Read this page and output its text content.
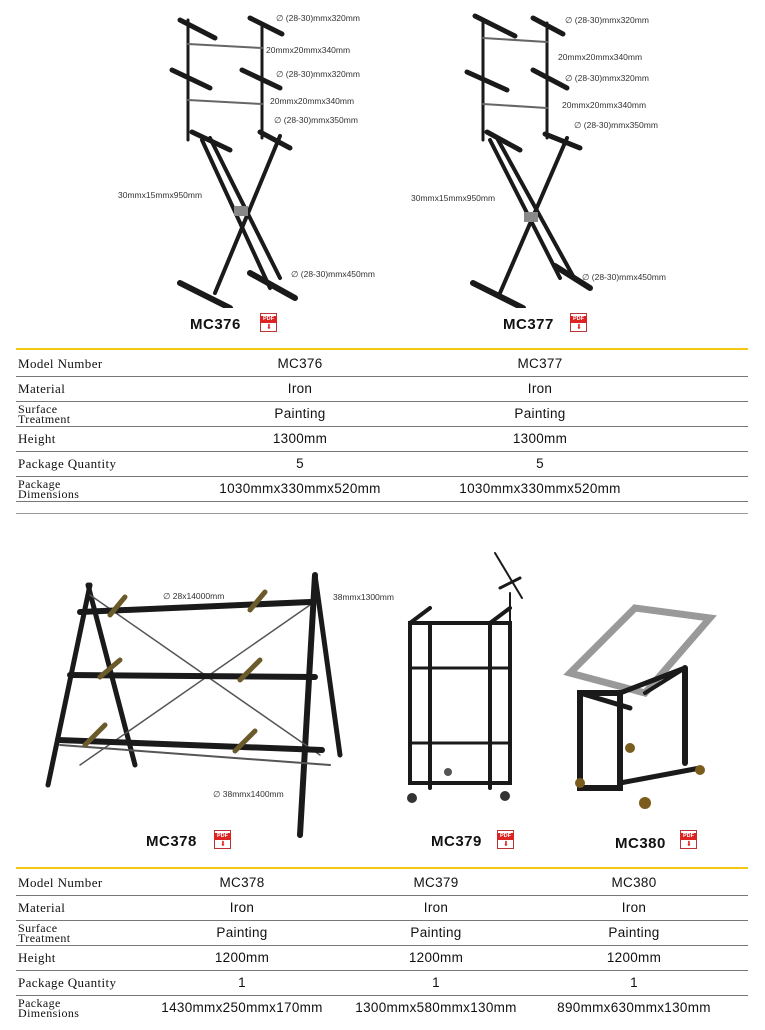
∅ (28-30)mmx320mm
20mmx20mmx340mm
∅ (28-30)mmx320mm
20mmx20mmx340mm
∅ (28-30)mmx350mm
30mmx15mmx950mm
∅ (28-30)mmx450mm
MC376	PDF
⬇
∅ (28-30)mmx320mm
20mmx20mmx340mm
∅ (28-30)mmx320mm
20mmx20mmx340mm
∅ (28-30)mmx350mm
30mmx15mmx950mm
∅ (28-30)mmx450mm
MC377	PDF
⬇
Model Number	MC376	MC377
Material	Iron	Iron
Surface
Treatment	Painting	Painting
Height	1300mm	1300mm
Package Quantity	5	5
Package
Dimensions	1030mmx330mmx520mm	1030mmx330mmx520mm
∅ 28x14000mm	38mmx1300mm
∅ 38mmx1400mm
MC378	PDF
⬇	MC379	PDF
⬇	MC380	PDF
⬇
Model Number	MC378	MC379	MC380
Material	Iron	Iron	Iron
Surface
Treatment	Painting	Painting	Painting
Height	1200mm	1200mm	1200mm
Package Quantity	1	1	1
Package
Dimensions	1430mmx250mmx170mm	1300mmx580mmx130mm	890mmx630mmx130mm
